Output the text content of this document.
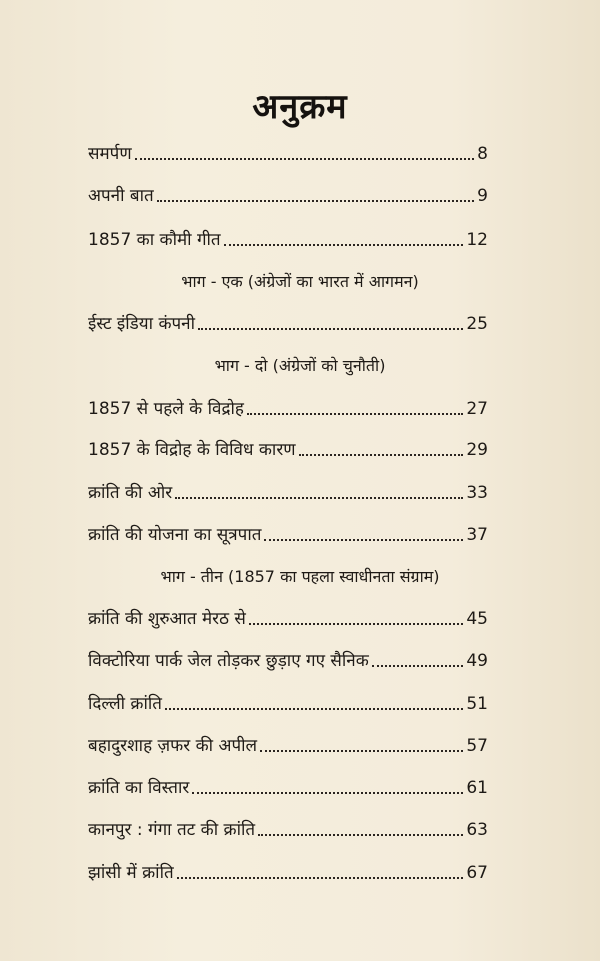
अनुक्रम
समर्पण	8
अपनी बात	9
1857 का कौमी गीत	12
भाग - एक (अंग्रेजों का भारत में आगमन)
ईस्ट इंडिया कंपनी	25
भाग - दो (अंग्रेजों को चुनौती)
1857 से पहले के विद्रोह	27
1857 के विद्रोह के विविध कारण	29
क्रांति की ओर	33
क्रांति की योजना का सूत्रपात	37
भाग - तीन (1857 का पहला स्वाधीनता संग्राम)
क्रांति की शुरुआत मेरठ से	45
विक्टोरिया पार्क जेल तोड़कर छुड़ाए गए सैनिक	49
दिल्ली क्रांति	51
बहादुरशाह ज़फर की अपील	57
क्रांति का विस्तार	61
कानपुर : गंगा तट की क्रांति	63
झांसी में क्रांति	67
